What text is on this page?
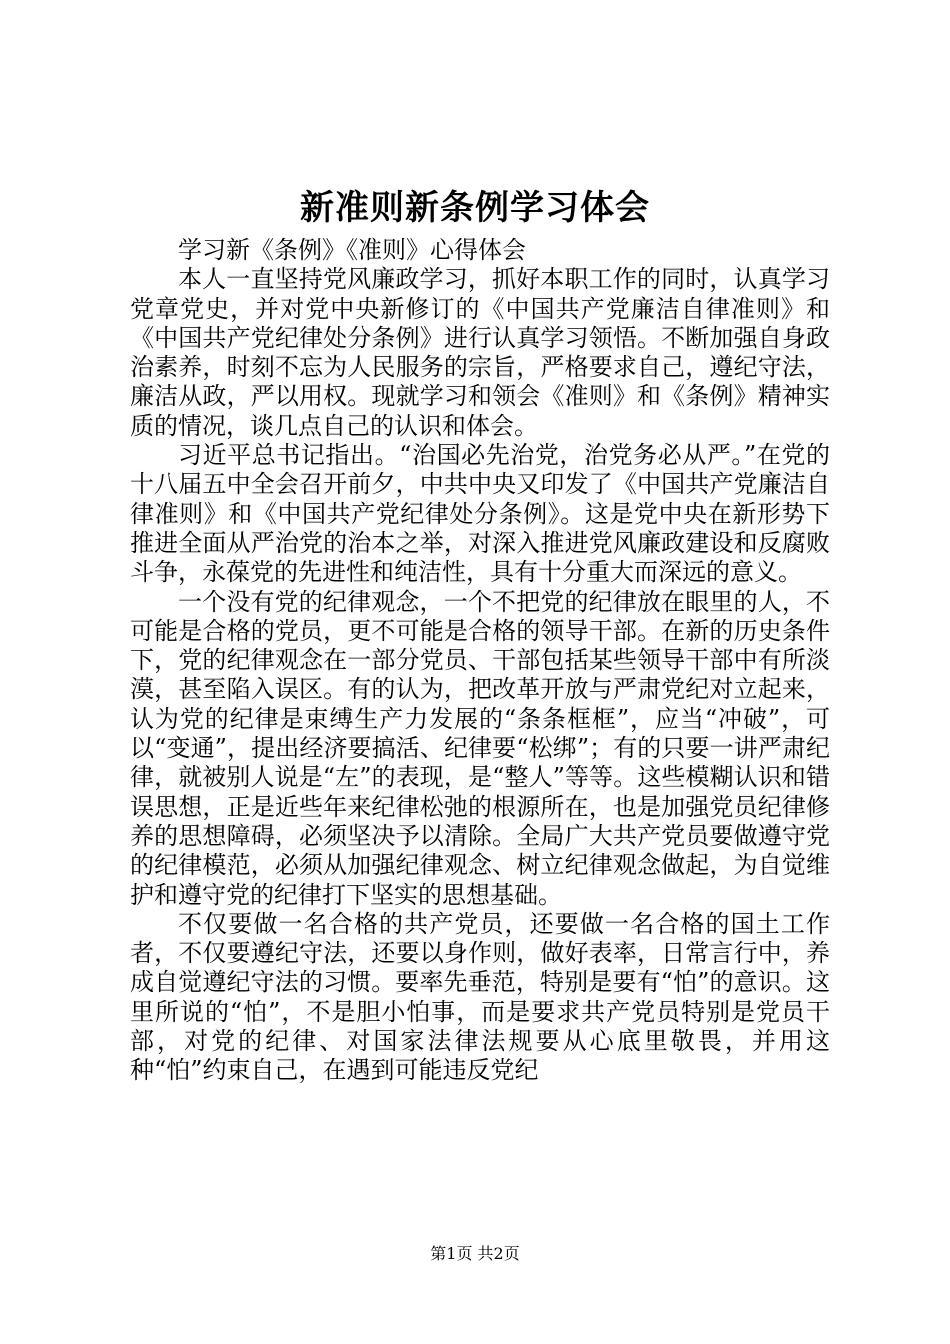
新准则新条例学习体会

学习新《条例》《准则》心得体会

本人一直坚持党风廉政学习，抓好本职工作的同时，认真学习党章党史，并对党中央新修订的《中国共产党廉洁自律准则》和《中国共产党纪律处分条例》进行认真学习领悟。不断加强自身政治素养，时刻不忘为人民服务的宗旨，严格要求自己，遵纪守法，廉洁从政，严以用权。现就学习和领会《准则》和《条例》精神实质的情况，谈几点自己的认识和体会。

习近平总书记指出。“治国必先治党，治党务必从严。”在党的十八届五中全会召开前夕，中共中央又印发了《中国共产党廉洁自律准则》和《中国共产党纪律处分条例》。这是党中央在新形势下推进全面从严治党的治本之举，对深入推进党风廉政建设和反腐败斗争，永葆党的先进性和纯洁性，具有十分重大而深远的意义。

一个没有党的纪律观念，一个不把党的纪律放在眼里的人，不可能是合格的党员，更不可能是合格的领导干部。在新的历史条件下，党的纪律观念在一部分党员、干部包括某些领导干部中有所淡漠，甚至陷入误区。有的认为，把改革开放与严肃党纪对立起来，认为党的纪律是束缚生产力发展的“条条框框”，应当“冲破”，可以“变通”，提出经济要搞活、纪律要“松绑”；有的只要一讲严肃纪律，就被别人说是“左”的表现，是“整人”等等。这些模糊认识和错误思想，正是近些年来纪律松弛的根源所在，也是加强党员纪律修养的思想障碍，必须坚决予以清除。全局广大共产党员要做遵守党的纪律模范，必须从加强纪律观念、树立纪律观念做起，为自觉维护和遵守党的纪律打下坚实的思想基础。

不仅要做一名合格的共产党员，还要做一名合格的国土工作者，不仅要遵纪守法，还要以身作则，做好表率，日常言行中，养成自觉遵纪守法的习惯。要率先垂范，特别是要有“怕”的意识。这里所说的“怕”，不是胆小怕事，而是要求共产党员特别是党员干部，对党的纪律、对国家法律法规要从心底里敬畏，并用这种“怕”约束自己，在遇到可能违反党纪

第1页 共2页
